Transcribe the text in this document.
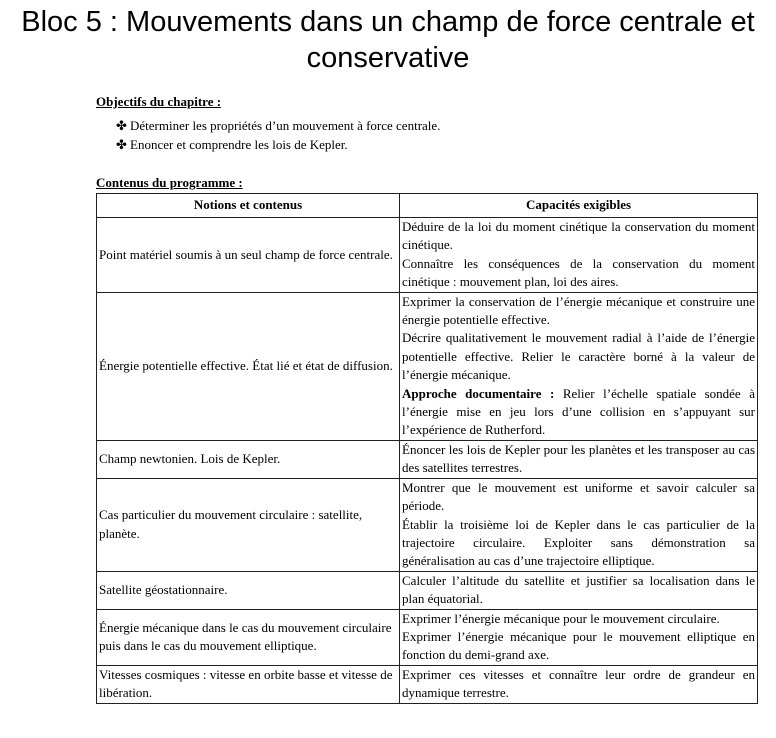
Bloc 5 : Mouvements dans un champ de force centrale et conservative
Objectifs du chapitre :
✤ Déterminer les propriétés d’un mouvement à force centrale.
✤ Enoncer et comprendre les lois de Kepler.
Contenus du programme :
Notions et contenus	Capacités exigibles
Point matériel soumis à un seul champ de force centrale.	Déduire de la loi du moment cinétique la conservation du moment cinétique.

Connaître les conséquences de la conservation du moment cinétique : mouvement plan, loi des aires.

Énergie potentielle effective. État lié et état de diffusion.	Exprimer la conservation de l’énergie mécanique et construire une énergie potentielle effective.

Décrire qualitativement le mouvement radial à l’aide de l’énergie potentielle effective. Relier le caractère borné à la valeur de l’énergie mécanique.

Approche documentaire : Relier l’échelle spatiale sondée à l’énergie mise en jeu lors d’une collision en s’appuyant sur l’expérience de Rutherford.

Champ newtonien. Lois de Kepler.	Énoncer les lois de Kepler pour les planètes et les transposer au cas des satellites terrestres.

Cas particulier du mouvement circulaire : satellite, planète.	Montrer que le mouvement est uniforme et savoir calculer sa période.

Établir la troisième loi de Kepler dans le cas particulier de la trajectoire circulaire. Exploiter sans démonstration sa généralisation au cas d’une trajectoire elliptique.

Satellite géostationnaire.	Calculer l’altitude du satellite et justifier sa localisation dans le plan équatorial.

Énergie mécanique dans le cas du mouvement circulaire puis dans le cas du mouvement elliptique.	Exprimer l’énergie mécanique pour le mouvement circulaire.

Exprimer l’énergie mécanique pour le mouvement elliptique en fonction du demi-grand axe.

Vitesses cosmiques : vitesse en orbite basse et vitesse de libération.	Exprimer ces vitesses et connaître leur ordre de grandeur en dynamique terrestre.
